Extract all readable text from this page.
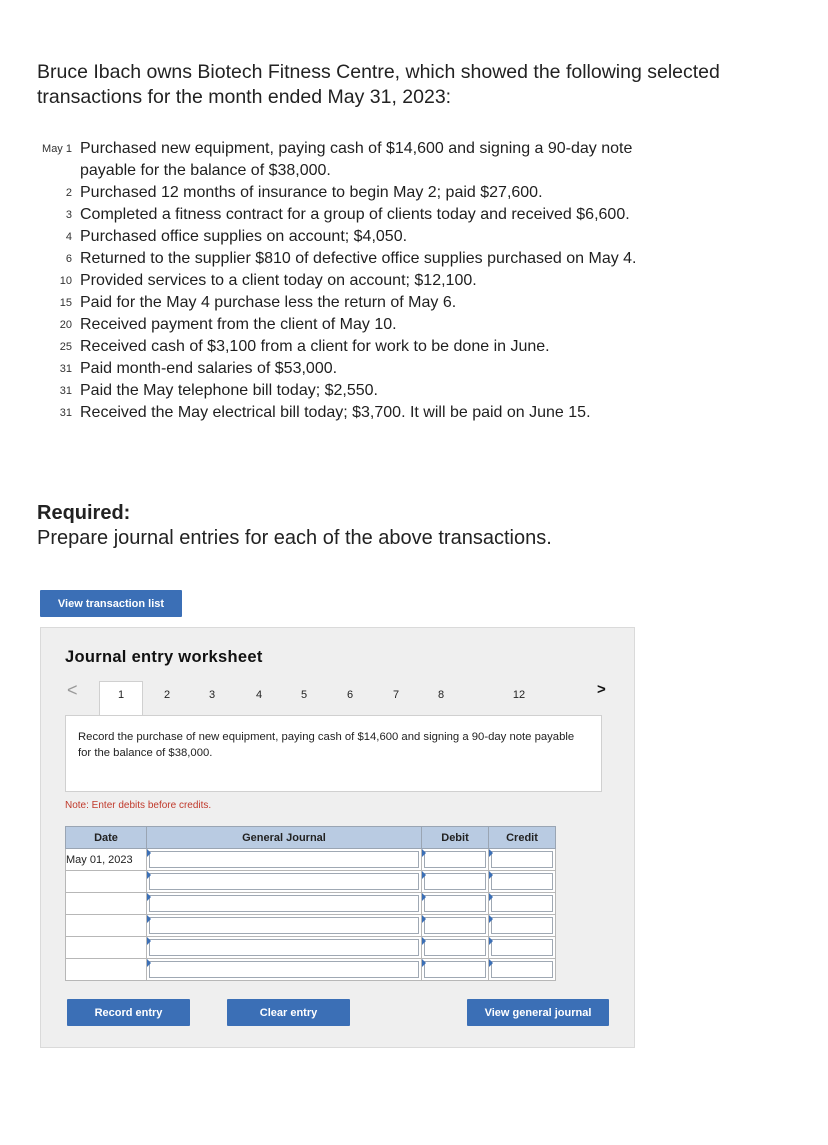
Bruce Ibach owns Biotech Fitness Centre, which showed the following selected transactions for the month ended May 31, 2023:
May 1 Purchased new equipment, paying cash of $14,600 and signing a 90-day note payable for the balance of $38,000.
2 Purchased 12 months of insurance to begin May 2; paid $27,600.
3 Completed a fitness contract for a group of clients today and received $6,600.
4 Purchased office supplies on account; $4,050.
6 Returned to the supplier $810 of defective office supplies purchased on May 4.
10 Provided services to a client today on account; $12,100.
15 Paid for the May 4 purchase less the return of May 6.
20 Received payment from the client of May 10.
25 Received cash of $3,100 from a client for work to be done in June.
31 Paid month-end salaries of $53,000.
31 Paid the May telephone bill today; $2,550.
31 Received the May electrical bill today; $3,700. It will be paid on June 15.
Required:
Prepare journal entries for each of the above transactions.
View transaction list
Journal entry worksheet
<	1	2	3	4	5	6	7	8	12	>
Record the purchase of new equipment, paying cash of $14,600 and signing a 90-day note payable for the balance of $38,000.
Note: Enter debits before credits.
Date	General Journal	Debit	Credit
May 01, 2023	

Record entry	Clear entry	View general journal
